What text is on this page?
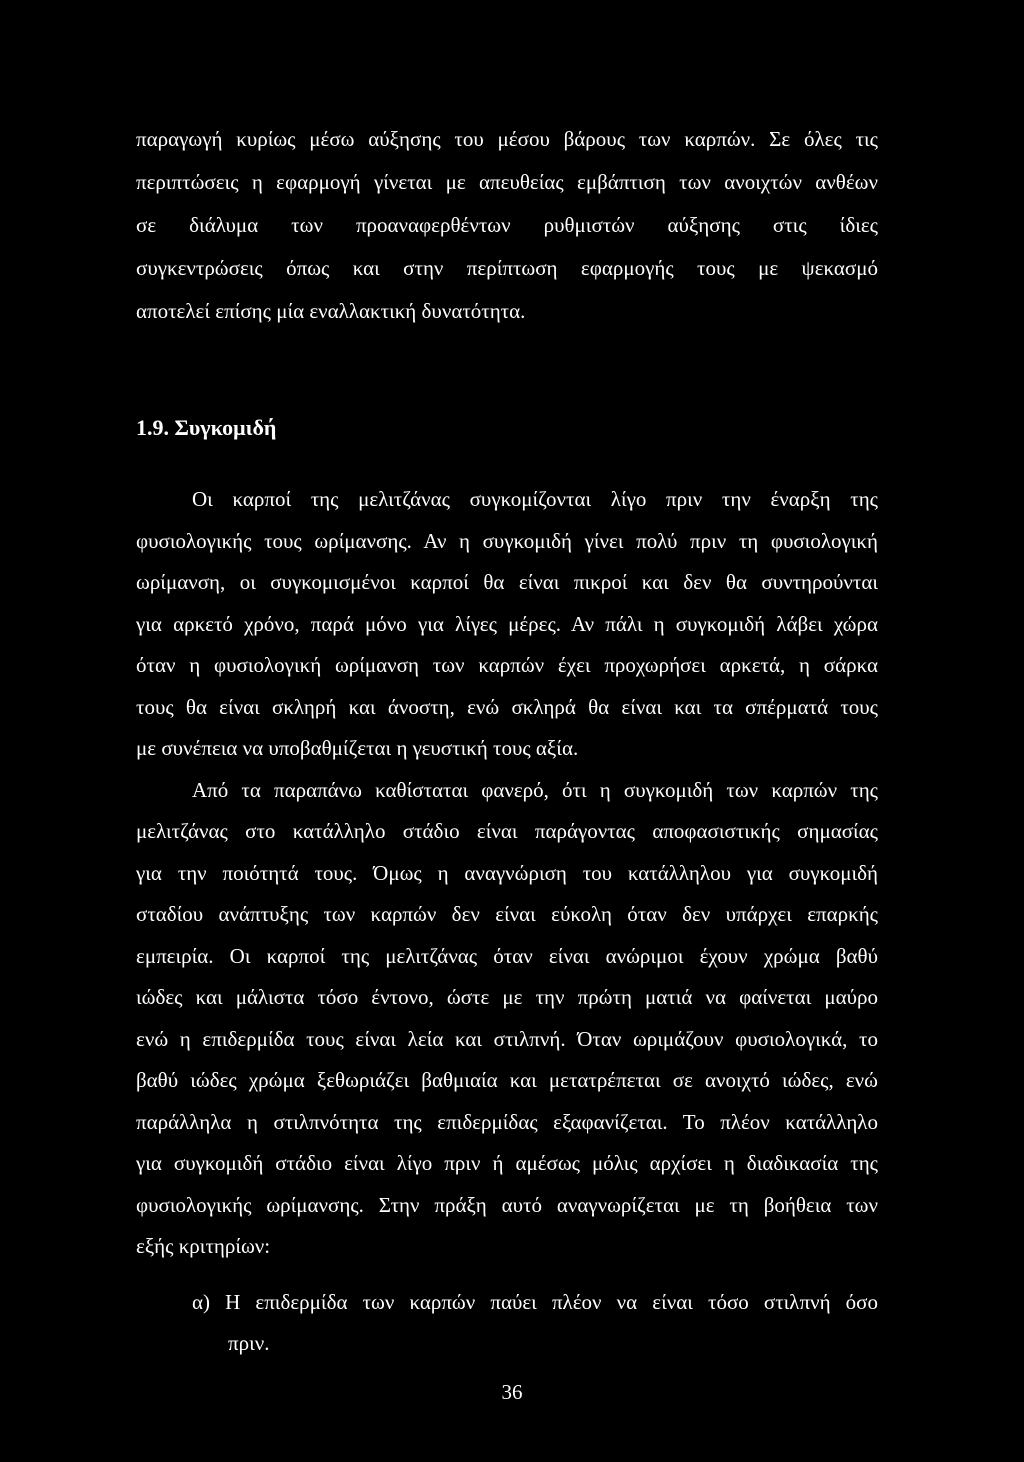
παραγωγή κυρίως μέσω αύξησης του μέσου βάρους των καρπών. Σε όλες τις

περιπτώσεις η εφαρμογή γίνεται με απευθείας εμβάπτιση των ανοιχτών ανθέων

σε διάλυμα των προαναφερθέντων ρυθμιστών αύξησης στις ίδιες

συγκεντρώσεις όπως και στην περίπτωση εφαρμογής τους με ψεκασμό

αποτελεί επίσης μία εναλλακτική δυνατότητα.

1.9. Συγκομιδή

Οι καρποί της μελιτζάνας συγκομίζονται λίγο πριν την έναρξη της

φυσιολογικής τους ωρίμανσης. Αν η συγκομιδή γίνει πολύ πριν τη φυσιολογική

ωρίμανση, οι συγκομισμένοι καρποί θα είναι πικροί και δεν θα συντηρούνται

για αρκετό χρόνο, παρά μόνο για λίγες μέρες. Αν πάλι η συγκομιδή λάβει χώρα

όταν η φυσιολογική ωρίμανση των καρπών έχει προχωρήσει αρκετά, η σάρκα

τους θα είναι σκληρή και άνοστη, ενώ σκληρά θα είναι και τα σπέρματά τους

με συνέπεια να υποβαθμίζεται η γευστική τους αξία.

Από τα παραπάνω καθίσταται φανερό, ότι η συγκομιδή των καρπών της

μελιτζάνας στο κατάλληλο στάδιο είναι παράγοντας αποφασιστικής σημασίας

για την ποιότητά τους. Όμως η αναγνώριση του κατάλληλου για συγκομιδή

σταδίου ανάπτυξης των καρπών δεν είναι εύκολη όταν δεν υπάρχει επαρκής

εμπειρία. Οι καρποί της μελιτζάνας όταν είναι ανώριμοι έχουν χρώμα βαθύ

ιώδες και μάλιστα τόσο έντονο, ώστε με την πρώτη ματιά να φαίνεται μαύρο

ενώ η επιδερμίδα τους είναι λεία και στιλπνή. Όταν ωριμάζουν φυσιολογικά, το

βαθύ ιώδες χρώμα ξεθωριάζει βαθμιαία και μετατρέπεται σε ανοιχτό ιώδες, ενώ

παράλληλα η στιλπνότητα της επιδερμίδας εξαφανίζεται. Το πλέον κατάλληλο

για συγκομιδή στάδιο είναι λίγο πριν ή αμέσως μόλις αρχίσει η διαδικασία της

φυσιολογικής ωρίμανσης. Στην πράξη αυτό αναγνωρίζεται με τη βοήθεια των

εξής κριτηρίων:

α) Η επιδερμίδα των καρπών παύει πλέον να είναι τόσο στιλπνή όσο

πριν.

36
